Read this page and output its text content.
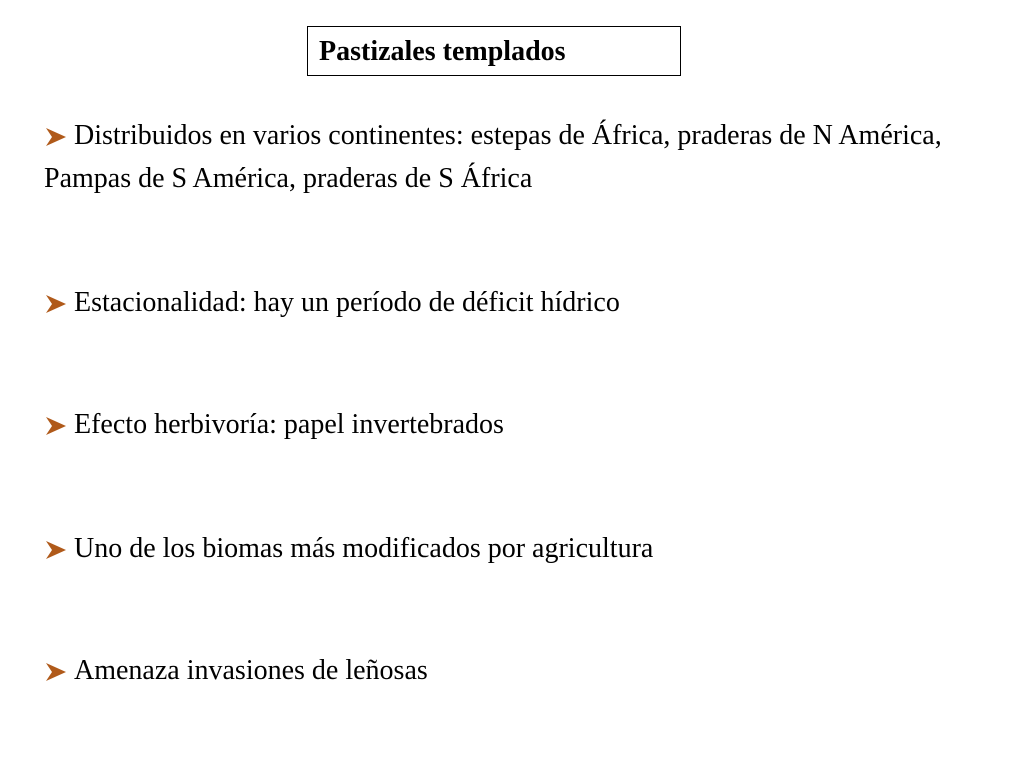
Pastizales templados
Distribuidos en varios continentes: estepas de África, praderas de N América, Pampas de S América, praderas de S África
Estacionalidad: hay un período de déficit hídrico
Efecto herbivoría: papel invertebrados
Uno de los biomas más modificados por agricultura
Amenaza invasiones de leñosas
